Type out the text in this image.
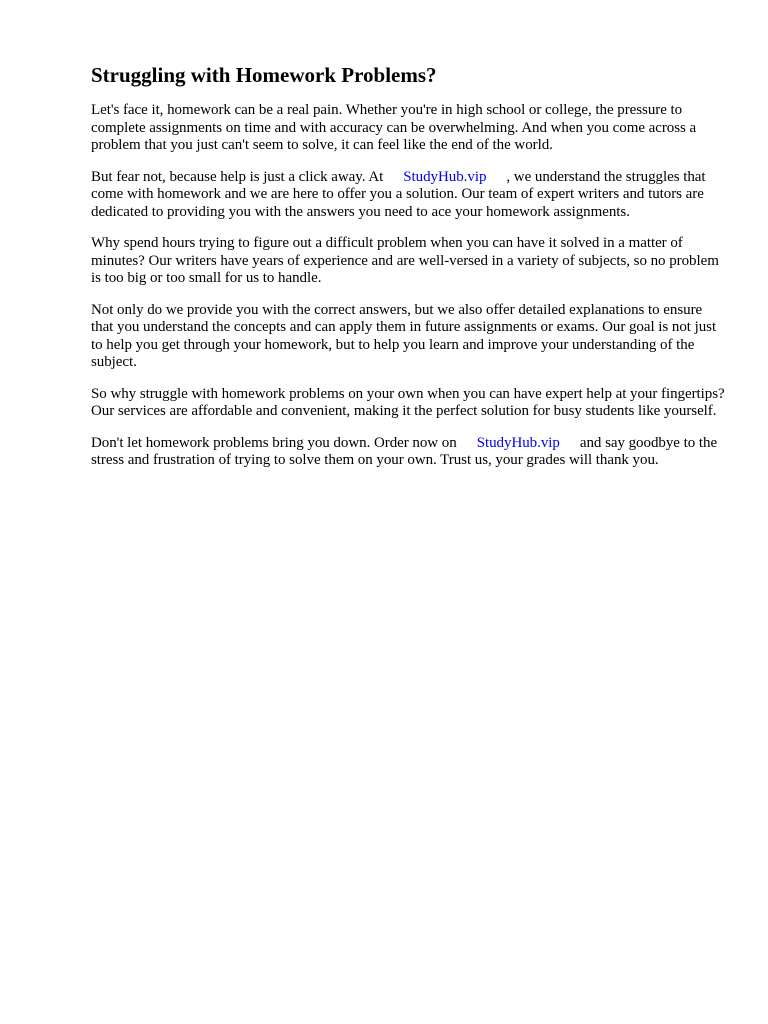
Struggling with Homework Problems?

Let's face it, homework can be a real pain. Whether you're in high school or college, the pressure to complete assignments on time and with accuracy can be overwhelming. And when you come across a problem that you just can't seem to solve, it can feel like the end of the world.

But fear not, because help is just a click away. At StudyHub.vip , we understand the struggles that come with homework and we are here to offer you a solution. Our team of expert writers and tutors are dedicated to providing you with the answers you need to ace your homework assignments.

Why spend hours trying to figure out a difficult problem when you can have it solved in a matter of minutes? Our writers have years of experience and are well-versed in a variety of subjects, so no problem is too big or too small for us to handle.

Not only do we provide you with the correct answers, but we also offer detailed explanations to ensure that you understand the concepts and can apply them in future assignments or exams. Our goal is not just to help you get through your homework, but to help you learn and improve your understanding of the subject.

So why struggle with homework problems on your own when you can have expert help at your fingertips? Our services are affordable and convenient, making it the perfect solution for busy students like yourself.

Don't let homework problems bring you down. Order now on StudyHub.vip and say goodbye to the stress and frustration of trying to solve them on your own. Trust us, your grades will thank you.
